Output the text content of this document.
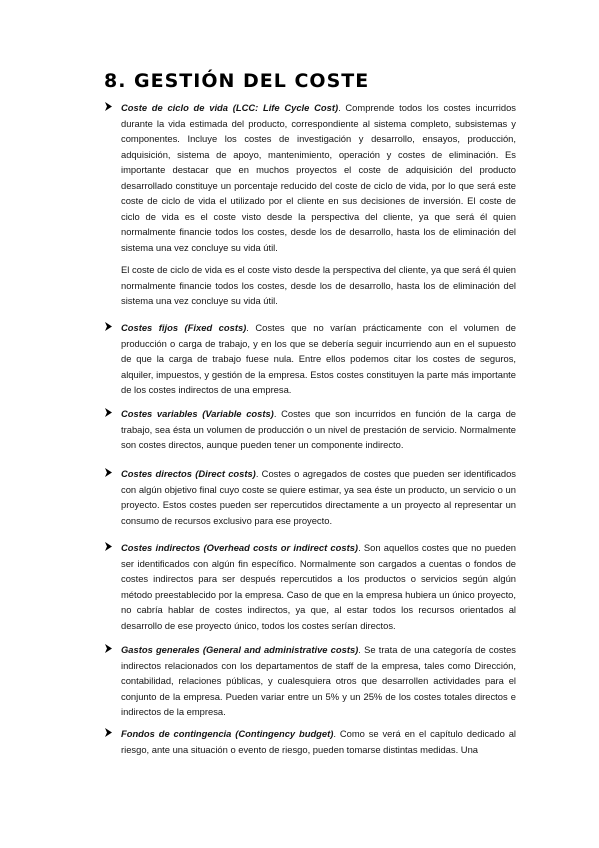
8. GESTIÓN DEL COSTE
Coste de ciclo de vida (LCC: Life Cycle Cost). Comprende todos los costes incurridos durante la vida estimada del producto, correspondiente al sistema completo, subsistemas y componentes. Incluye los costes de investigación y desarrollo, ensayos, producción, adquisición, sistema de apoyo, mantenimiento, operación y costes de eliminación. Es importante destacar que en muchos proyectos el coste de adquisición del producto desarrollado constituye un porcentaje reducido del coste de ciclo de vida, por lo que será este coste de ciclo de vida el utilizado por el cliente en sus decisiones de inversión. El coste de ciclo de vida es el coste visto desde la perspectiva del cliente, ya que será él quien normalmente financie todos los costes, desde los de desarrollo, hasta los de eliminación del sistema una vez concluye su vida útil.
El coste de ciclo de vida es el coste visto desde la perspectiva del cliente, ya que será él quien normalmente financie todos los costes, desde los de desarrollo, hasta los de eliminación del sistema una vez concluye su vida útil.
Costes fijos (Fixed costs). Costes que no varían prácticamente con el volumen de producción o carga de trabajo, y en los que se debería seguir incurriendo aun en el supuesto de que la carga de trabajo fuese nula. Entre ellos podemos citar los costes de seguros, alquiler, impuestos, y gestión de la empresa. Estos costes constituyen la parte más importante de los costes indirectos de una empresa.
Costes variables (Variable costs). Costes que son incurridos en función de la carga de trabajo, sea ésta un volumen de producción o un nivel de prestación de servicio. Normalmente son costes directos, aunque pueden tener un componente indirecto.
Costes directos (Direct costs). Costes o agregados de costes que pueden ser identificados con algún objetivo final cuyo coste se quiere estimar, ya sea éste un producto, un servicio o un proyecto. Estos costes pueden ser repercutidos directamente a un proyecto al representar un consumo de recursos exclusivo para ese proyecto.
Costes indirectos (Overhead costs or indirect costs). Son aquellos costes que no pueden ser identificados con algún fin específico. Normalmente son cargados a cuentas o fondos de costes indirectos para ser después repercutidos a los productos o servicios según algún método preestablecido por la empresa. Caso de que en la empresa hubiera un único proyecto, no cabría hablar de costes indirectos, ya que, al estar todos los recursos orientados al desarrollo de ese proyecto único, todos los costes serían directos.
Gastos generales (General and administrative costs). Se trata de una categoría de costes indirectos relacionados con los departamentos de staff de la empresa, tales como Dirección, contabilidad, relaciones públicas, y cualesquiera otros que desarrollen actividades para el conjunto de la empresa. Pueden variar entre un 5% y un 25% de los costes totales directos e indirectos de la empresa.
Fondos de contingencia (Contingency budget). Como se verá en el capítulo dedicado al riesgo, ante una situación o evento de riesgo, pueden tomarse distintas medidas. Una
